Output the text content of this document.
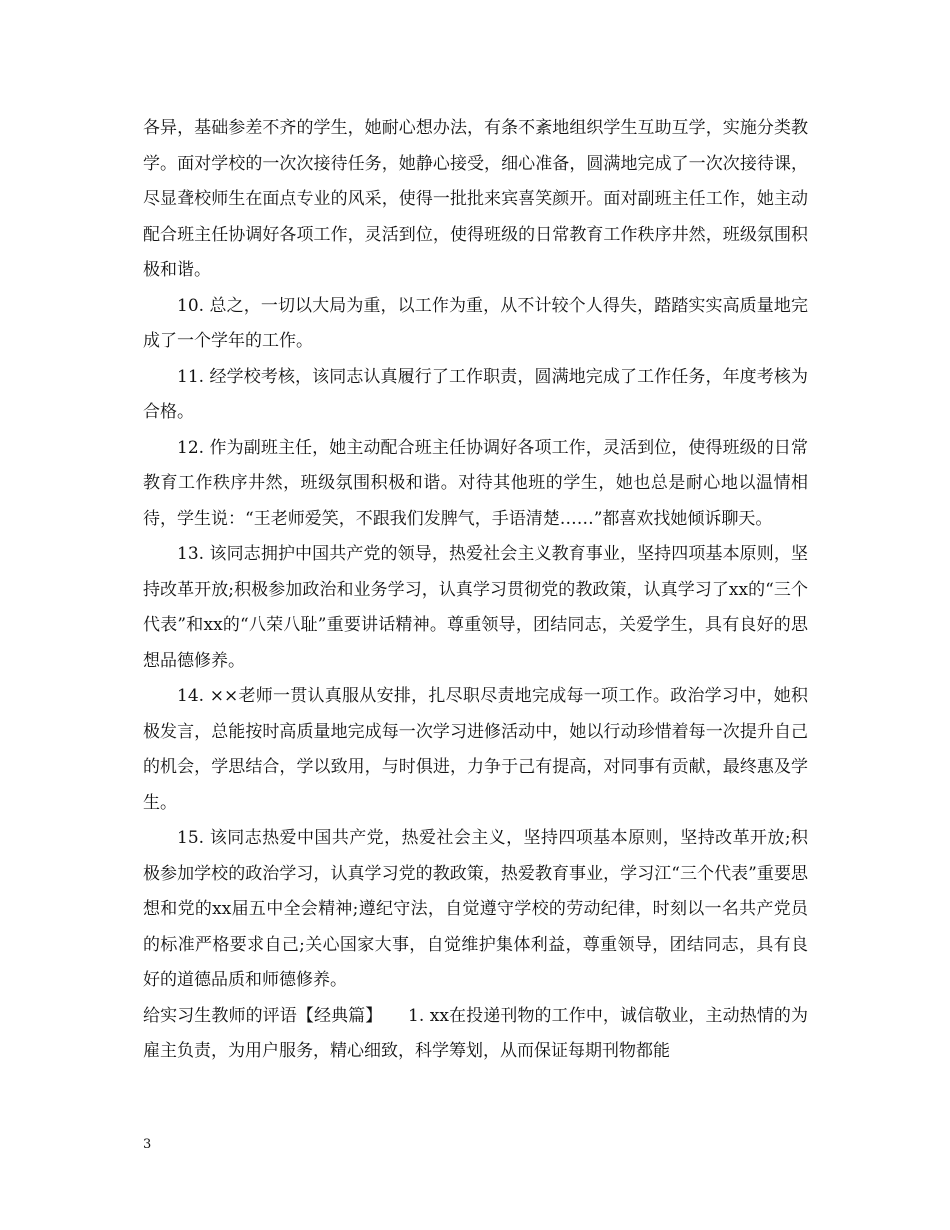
各异，基础参差不齐的学生，她耐心想办法，有条不紊地组织学生互助互学，实施分类教学。面对学校的一次次接待任务，她静心接受，细心准备，圆满地完成了一次次接待课，尽显聋校师生在面点专业的风采，使得一批批来宾喜笑颜开。面对副班主任工作，她主动配合班主任协调好各项工作，灵活到位，使得班级的日常教育工作秩序井然，班级氛围积极和谐。

10. 总之，一切以大局为重，以工作为重，从不计较个人得失，踏踏实实高质量地完成了一个学年的工作。

11. 经学校考核，该同志认真履行了工作职责，圆满地完成了工作任务，年度考核为合格。

12. 作为副班主任，她主动配合班主任协调好各项工作，灵活到位，使得班级的日常教育工作秩序井然，班级氛围积极和谐。对待其他班的学生，她也总是耐心地以温情相待，学生说：“王老师爱笑，不跟我们发脾气，手语清楚……”都喜欢找她倾诉聊天。

13. 该同志拥护中国共产党的领导，热爱社会主义教育事业，坚持四项基本原则，坚持改革开放;积极参加政治和业务学习，认真学习贯彻党的教政策，认真学习了xx的“三个代表”和xx的“八荣八耻”重要讲话精神。尊重领导，团结同志，关爱学生，具有良好的思想品德修养。

14. ××老师一贯认真服从安排，扎尽职尽责地完成每一项工作。政治学习中，她积极发言，总能按时高质量地完成每一次学习进修活动中，她以行动珍惜着每一次提升自己的机会，学思结合，学以致用，与时俱进，力争于己有提高，对同事有贡献，最终惠及学生。

15. 该同志热爱中国共产党，热爱社会主义，坚持四项基本原则，坚持改革开放;积极参加学校的政治学习，认真学习党的教政策，热爱教育事业，学习江“三个代表”重要思想和党的xx届五中全会精神;遵纪守法，自觉遵守学校的劳动纪律，时刻以一名共产党员的标准严格要求自己;关心国家大事，自觉维护集体利益，尊重领导，团结同志，具有良好的道德品质和师德修养。

给实习生教师的评语【经典篇】　　1. xx在投递刊物的工作中，诚信敬业，主动热情的为雇主负责，为用户服务，精心细致，科学筹划，从而保证每期刊物都能

3
